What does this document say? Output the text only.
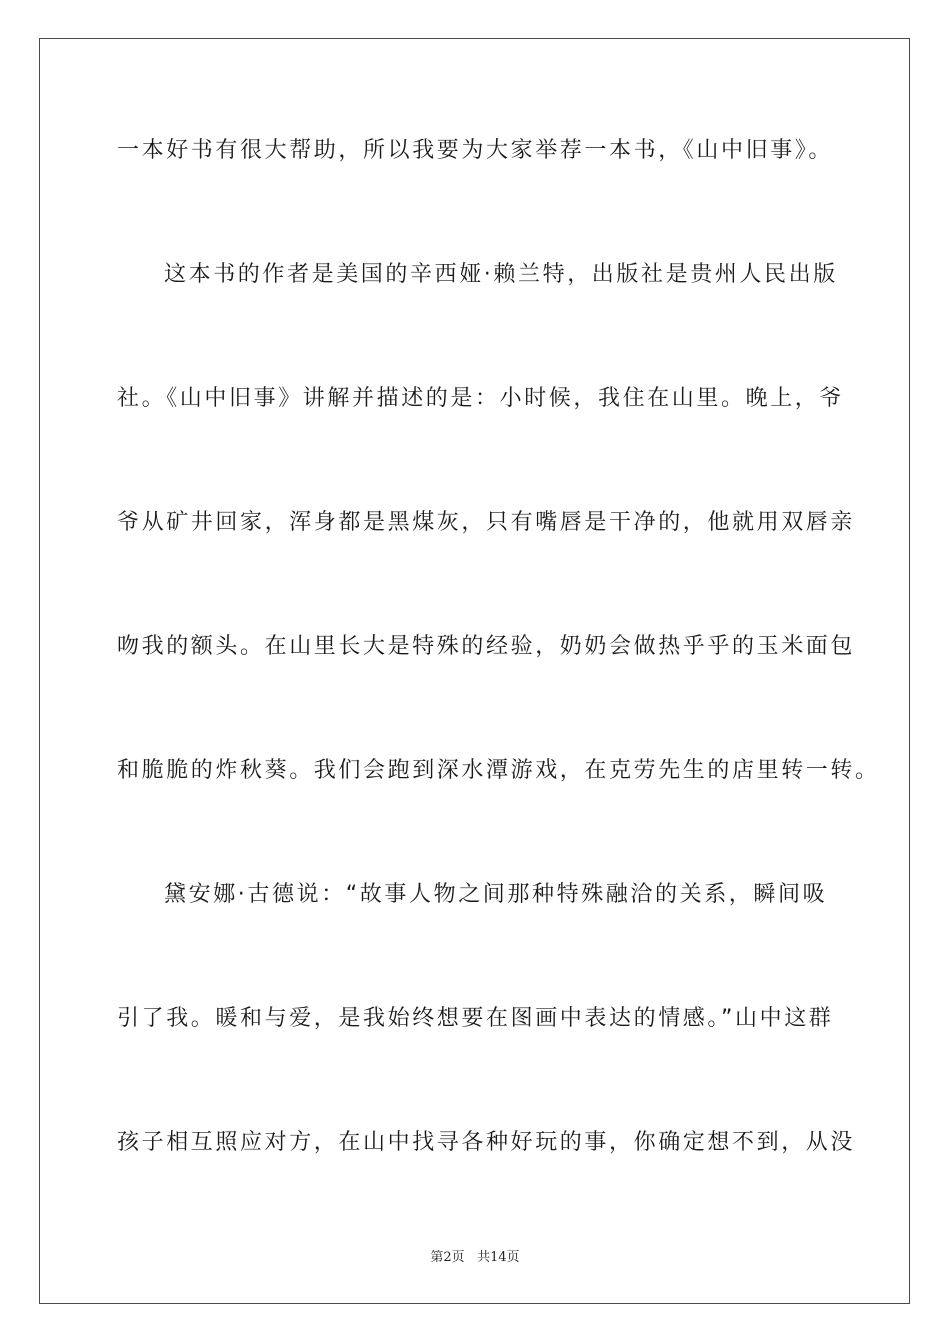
一本好书有很大帮助，所以我要为大家举荐一本书，《山中旧事》。
这本书的作者是美国的辛西娅·赖兰特，出版社是贵州人民出版
社。《山中旧事》讲解并描述的是：小时候，我住在山里。晚上，爷
爷从矿井回家，浑身都是黑煤灰，只有嘴唇是干净的，他就用双唇亲
吻我的额头。在山里长大是特殊的经验，奶奶会做热乎乎的玉米面包
和脆脆的炸秋葵。我们会跑到深水潭游戏，在克劳先生的店里转一转。
黛安娜·古德说：“故事人物之间那种特殊融洽的关系，瞬间吸
引了我。暖和与爱，是我始终想要在图画中表达的情感。”山中这群
孩子相互照应对方，在山中找寻各种好玩的事，你确定想不到，从没
第2页 共14页
